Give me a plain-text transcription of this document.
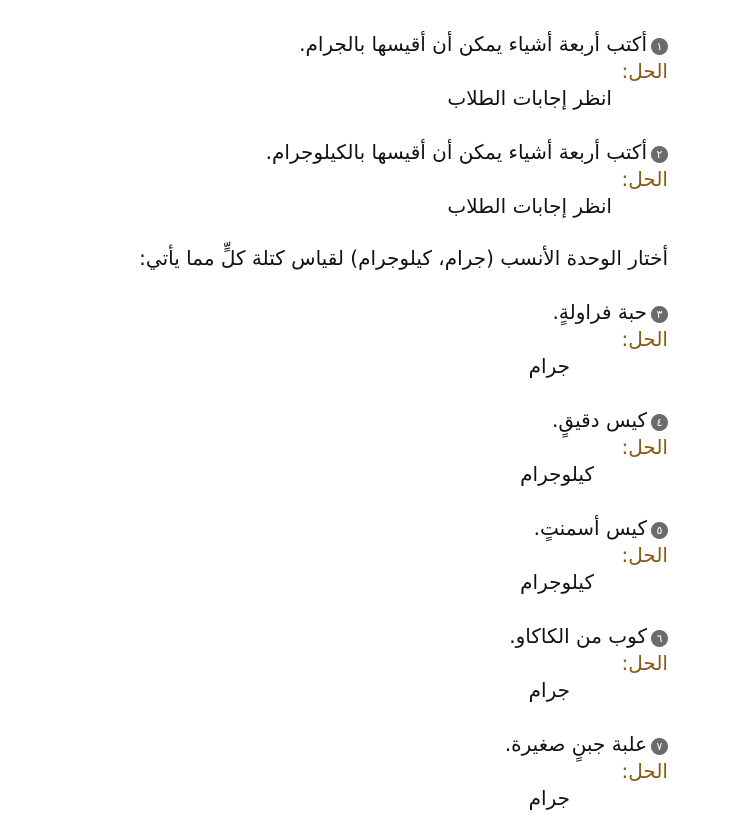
١أكتب أربعة أشياء يمكن أن أقيسها بالجرام.
الحل:
انظر إجابات الطلاب
٢أكتب أربعة أشياء يمكن أن أقيسها بالكيلوجرام.
الحل:
انظر إجابات الطلاب
أختار الوحدة الأنسب (جرام، كيلوجرام) لقياس كتلة كلٍّ مما يأتي:
٣حبة فراولةٍ.
الحل:
جرام
٤كيس دقيقٍ.
الحل:
كيلوجرام
٥كيس أسمنتٍ.
الحل:
كيلوجرام
٦كوب من الكاكاو.
الحل:
جرام
٧علبة جبنٍ صغيرة.
الحل:
جرام
